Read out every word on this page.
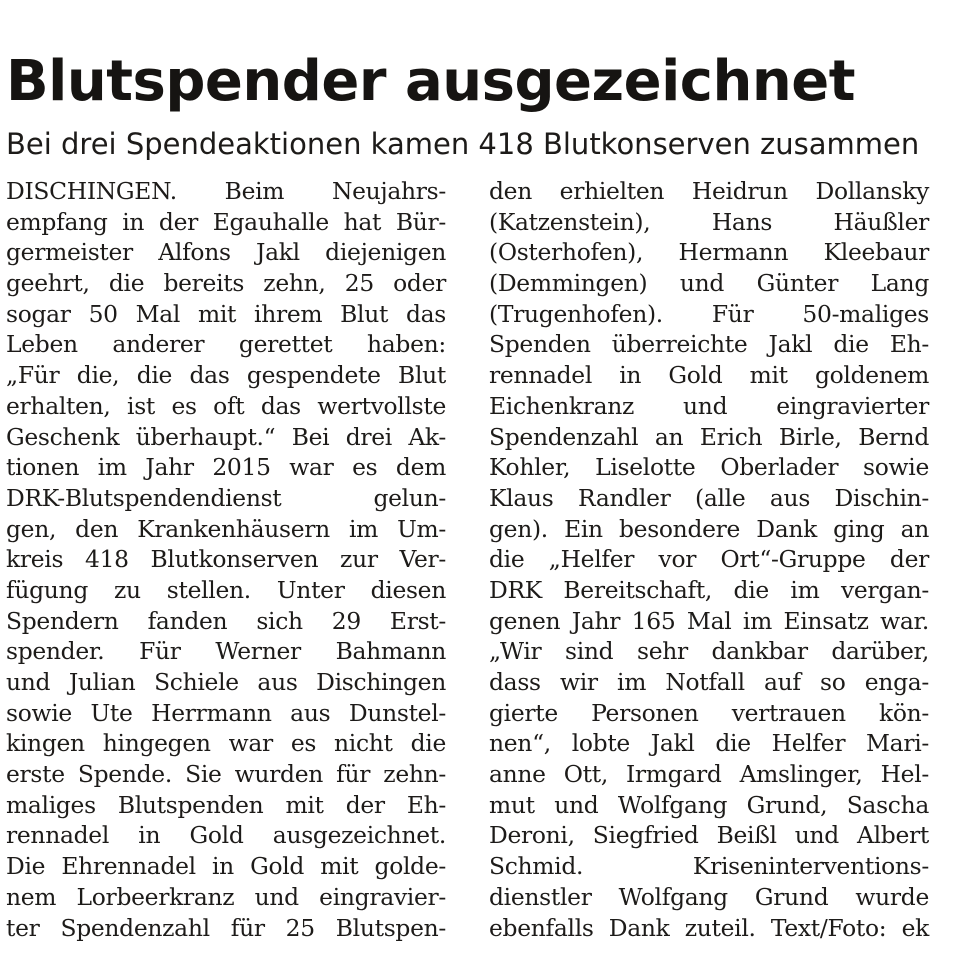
Blutspender ausgezeichnet
Bei drei Spendeaktionen kamen 418 Blutkonserven zusammen
DISCHINGEN. Beim Neujahrs-
empfang in der Egauhalle hat Bür-
germeister Alfons Jakl diejenigen
geehrt, die bereits zehn, 25 oder
sogar 50 Mal mit ihrem Blut das
Leben anderer gerettet haben:
„Für die, die das gespendete Blut
erhalten, ist es oft das wertvollste
Geschenk überhaupt.“ Bei drei Ak-
tionen im Jahr 2015 war es dem
DRK-Blutspendendienst gelun-
gen, den Krankenhäusern im Um-
kreis 418 Blutkonserven zur Ver-
fügung zu stellen. Unter diesen
Spendern fanden sich 29 Erst-
spender. Für Werner Bahmann
und Julian Schiele aus Dischingen
sowie Ute Herrmann aus Dunstel-
kingen hingegen war es nicht die
erste Spende. Sie wurden für zehn-
maliges Blutspenden mit der Eh-
rennadel in Gold ausgezeichnet.
Die Ehrennadel in Gold mit golde-
nem Lorbeerkranz und eingravier-
ter Spendenzahl für 25 Blutspen-
den erhielten Heidrun Dollansky
(Katzenstein), Hans Häußler
(Osterhofen), Hermann Kleebaur
(Demmingen) und Günter Lang
(Trugenhofen). Für 50-maliges
Spenden überreichte Jakl die Eh-
rennadel in Gold mit goldenem
Eichenkranz und eingravierter
Spendenzahl an Erich Birle, Bernd
Kohler, Liselotte Oberlader sowie
Klaus Randler (alle aus Dischin-
gen). Ein besondere Dank ging an
die „Helfer vor Ort“-Gruppe der
DRK Bereitschaft, die im vergan-
genen Jahr 165 Mal im Einsatz war.
„Wir sind sehr dankbar darüber,
dass wir im Notfall auf so enga-
gierte Personen vertrauen kön-
nen“, lobte Jakl die Helfer Mari-
anne Ott, Irmgard Amslinger, Hel-
mut und Wolfgang Grund, Sascha
Deroni, Siegfried Beißl und Albert
Schmid. Kriseninterventions-
dienstler Wolfgang Grund wurde
ebenfalls Dank zuteil. Text/Foto: ek
